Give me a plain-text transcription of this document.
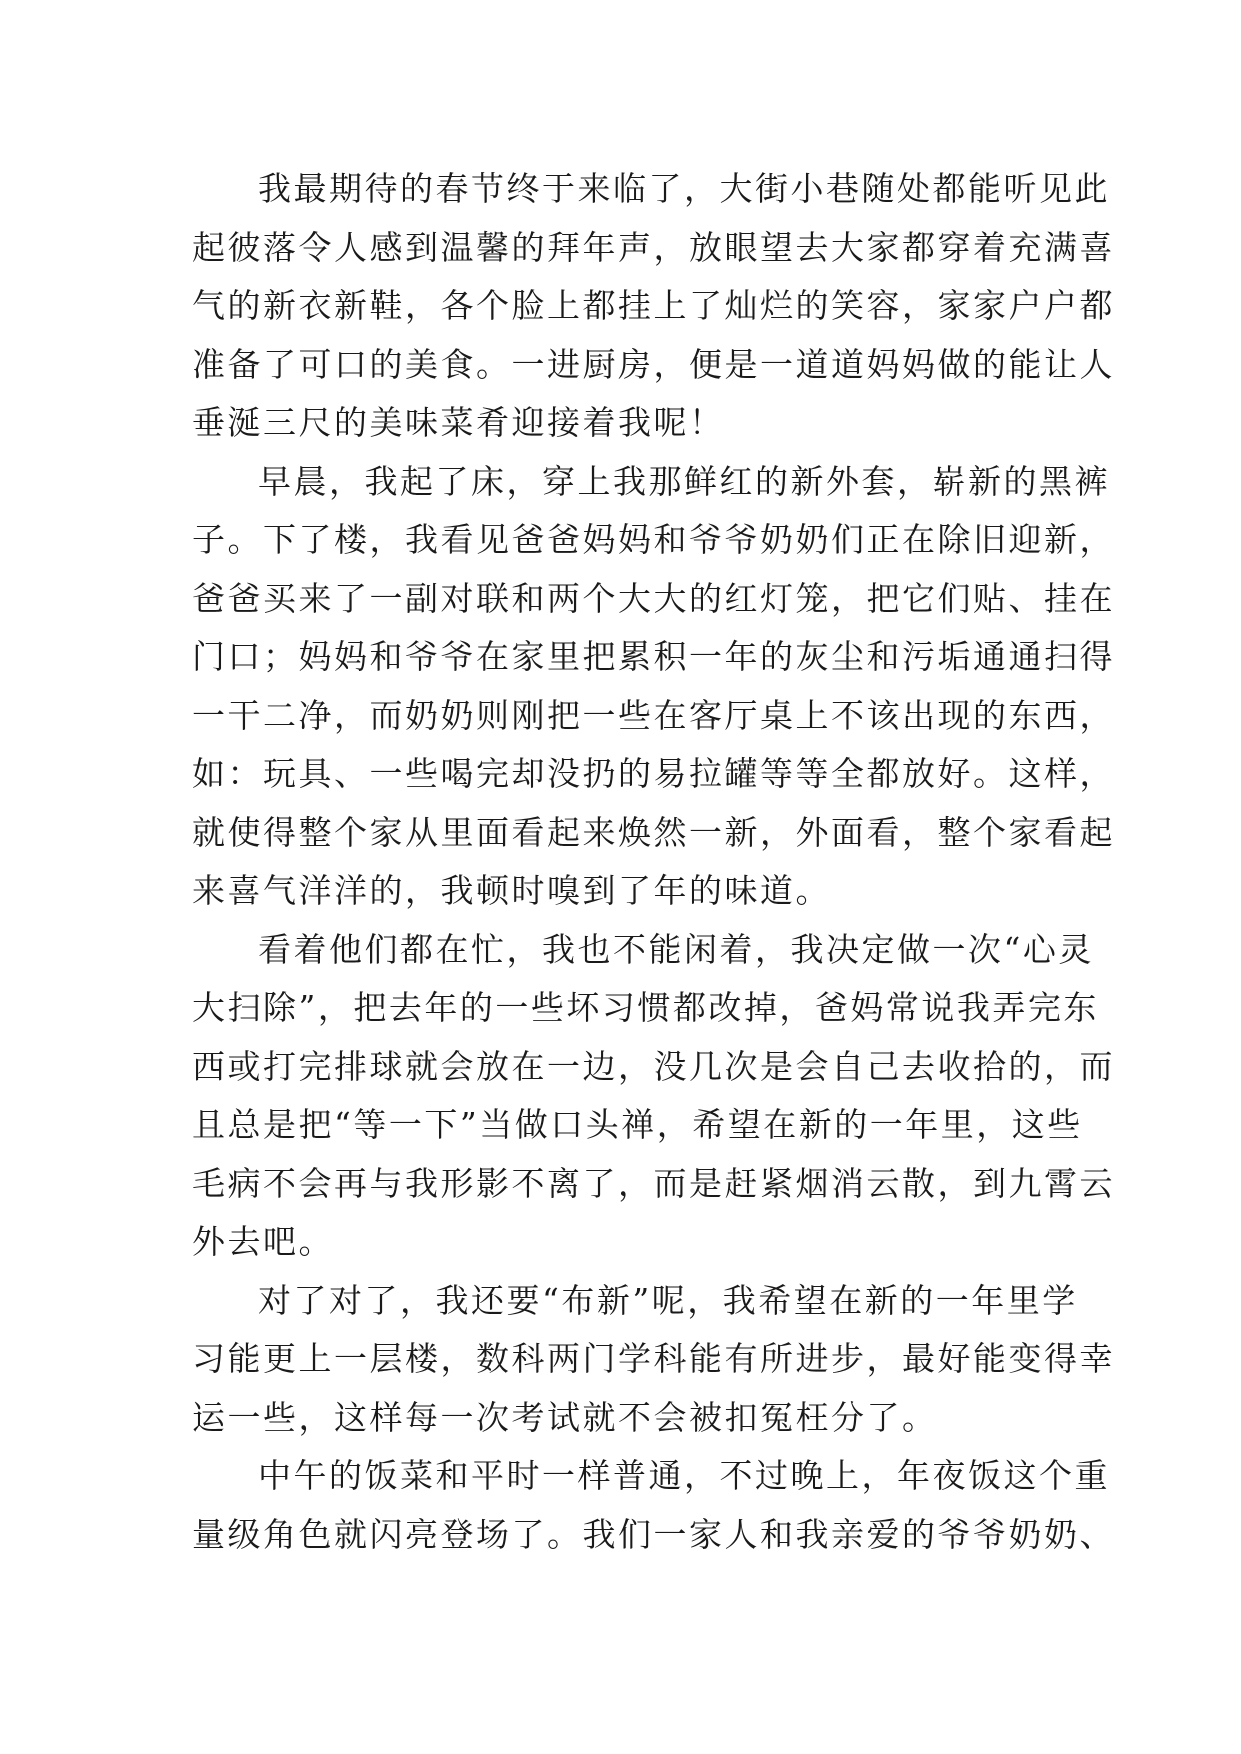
我最期待的春节终于来临了，大街小巷随处都能听见此
起彼落令人感到温馨的拜年声，放眼望去大家都穿着充满喜
气的新衣新鞋，各个脸上都挂上了灿烂的笑容，家家户户都
准备了可口的美食。一进厨房，便是一道道妈妈做的能让人
垂涎三尺的美味菜肴迎接着我呢！
早晨，我起了床，穿上我那鲜红的新外套，崭新的黑裤
子。下了楼，我看见爸爸妈妈和爷爷奶奶们正在除旧迎新，
爸爸买来了一副对联和两个大大的红灯笼，把它们贴、挂在
门口；妈妈和爷爷在家里把累积一年的灰尘和污垢通通扫得
一干二净，而奶奶则刚把一些在客厅桌上不该出现的东西，
如：玩具、一些喝完却没扔的易拉罐等等全都放好。这样，
就使得整个家从里面看起来焕然一新，外面看，整个家看起
来喜气洋洋的，我顿时嗅到了年的味道。
看着他们都在忙，我也不能闲着，我决定做一次“心灵
大扫除”，把去年的一些坏习惯都改掉，爸妈常说我弄完东
西或打完排球就会放在一边，没几次是会自己去收拾的，而
且总是把“等一下”当做口头禅，希望在新的一年里，这些
毛病不会再与我形影不离了，而是赶紧烟消云散，到九霄云
外去吧。
对了对了，我还要“布新”呢，我希望在新的一年里学
习能更上一层楼，数科两门学科能有所进步，最好能变得幸
运一些，这样每一次考试就不会被扣冤枉分了。
中午的饭菜和平时一样普通，不过晚上，年夜饭这个重
量级角色就闪亮登场了。我们一家人和我亲爱的爷爷奶奶、
